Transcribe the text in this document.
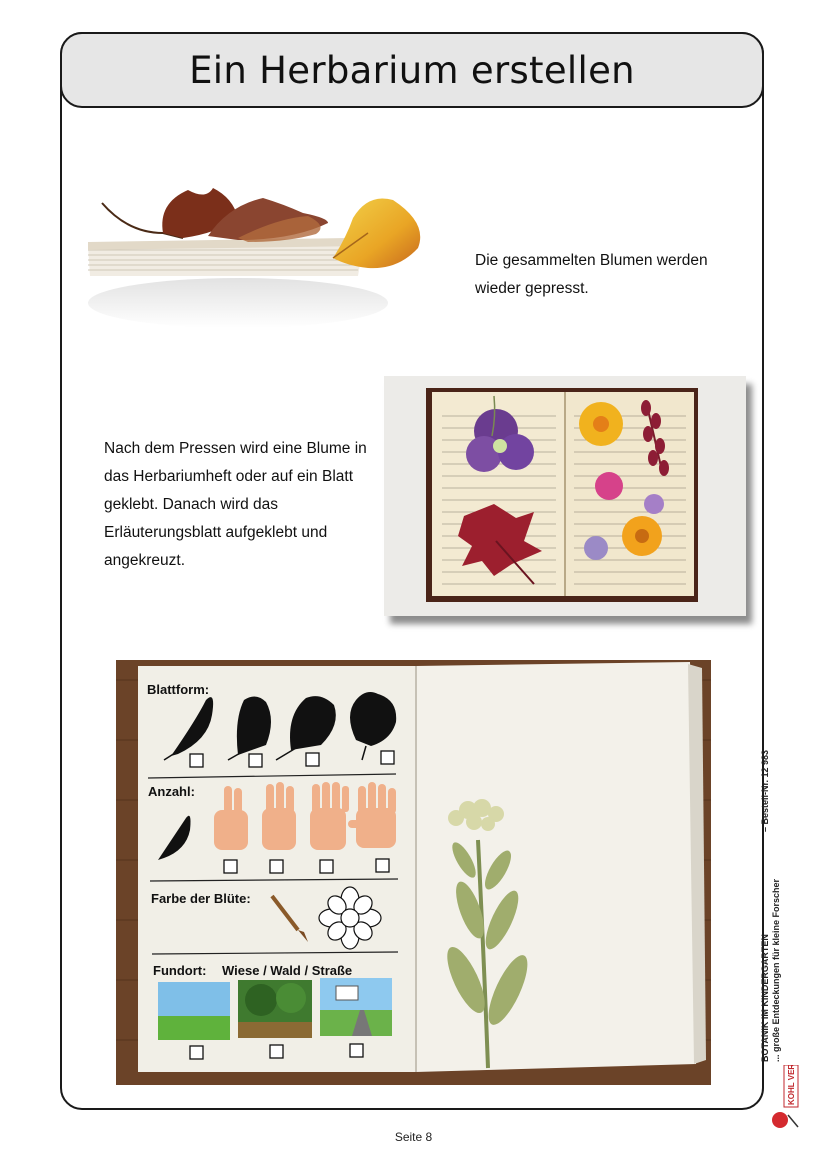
Ein Herbarium erstellen
Die gesammelten Blumen werden wieder gepresst.
Nach dem Pressen wird eine Blume in das Herbariumheft oder auf ein Blatt geklebt. Danach wird das Erläuterungsblatt aufgeklebt und angekreuzt.
Blattform:
Anzahl:
Farbe der Blüte:
Fundort: Wiese / Wald / Straße	BOTANIK IM KINDERGARTEN ... große Entdeckungen für kleine Forscher
– Bestell-Nr. 12 983
KOHL VERLAG
Seite 8
